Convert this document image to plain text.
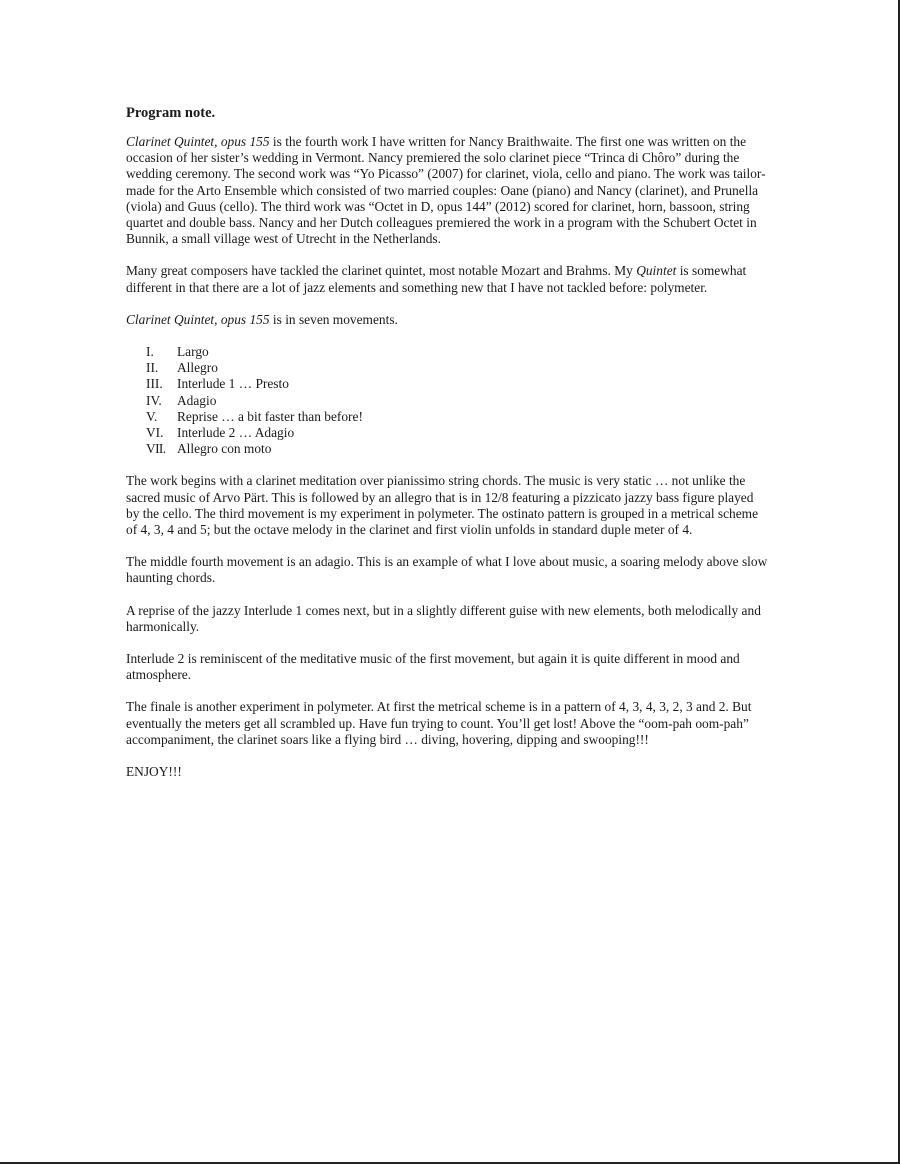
Program note.

Clarinet Quintet, opus 155 is the fourth work I have written for Nancy Braithwaite. The first one was written on the occasion of her sister’s wedding in Vermont. Nancy premiered the solo clarinet piece “Trinca di Chôro” during the wedding ceremony. The second work was “Yo Picasso” (2007) for clarinet, viola, cello and piano. The work was tailor-made for the Arto Ensemble which consisted of two married couples: Oane (piano) and Nancy (clarinet), and Prunella (viola) and Guus (cello). The third work was “Octet in D, opus 144” (2012) scored for clarinet, horn, bassoon, string quartet and double bass. Nancy and her Dutch colleagues premiered the work in a program with the Schubert Octet in Bunnik, a small village west of Utrecht in the Netherlands.

Many great composers have tackled the clarinet quintet, most notable Mozart and Brahms. My Quintet is somewhat different in that there are a lot of jazz elements and something new that I have not tackled before: polymeter.

Clarinet Quintet, opus 155 is in seven movements.

I.	Largo
II.	Allegro
III.	Interlude 1 … Presto
IV.	Adagio
V.	Reprise … a bit faster than before!
VI.	Interlude 2 … Adagio
VII. Allegro con moto

The work begins with a clarinet meditation over pianissimo string chords. The music is very static … not unlike the sacred music of Arvo Pärt. This is followed by an allegro that is in 12/8 featuring a pizzicato jazzy bass figure played by the cello. The third movement is my experiment in polymeter. The ostinato pattern is grouped in a metrical scheme of 4, 3, 4 and 5; but the octave melody in the clarinet and first violin unfolds in standard duple meter of 4.

The middle fourth movement is an adagio. This is an example of what I love about music, a soaring melody above slow haunting chords.

A reprise of the jazzy Interlude 1 comes next, but in a slightly different guise with new elements, both melodically and harmonically.

Interlude 2 is reminiscent of the meditative music of the first movement, but again it is quite different in mood and atmosphere.

The finale is another experiment in polymeter. At first the metrical scheme is in a pattern of 4, 3, 4, 3, 2, 3 and 2. But eventually the meters get all scrambled up. Have fun trying to count. You’ll get lost! Above the “oom-pah oom-pah” accompaniment, the clarinet soars like a flying bird … diving, hovering, dipping and swooping!!!

ENJOY!!!
